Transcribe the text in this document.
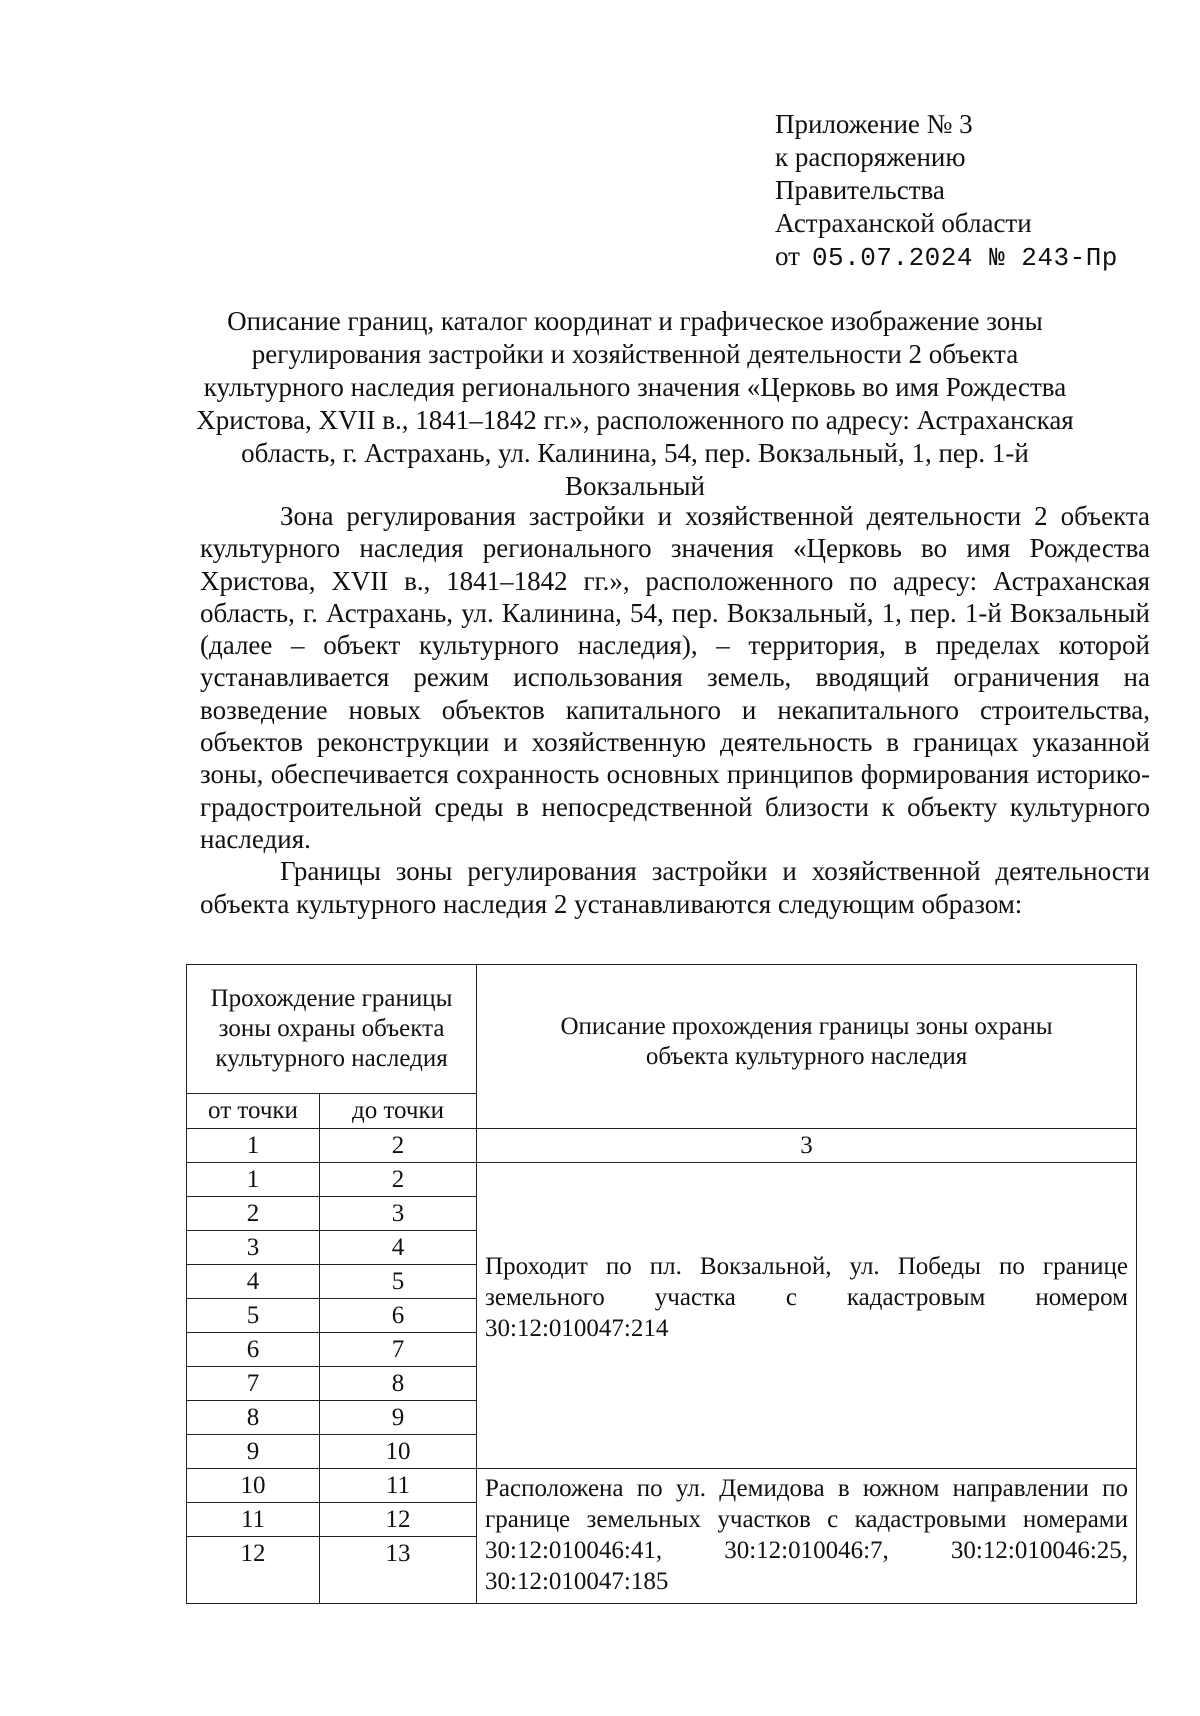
Приложение № 3
к распоряжению
Правительства
Астраханской области
от 05.07.2024 № 243-Пр
Описание границ, каталог координат и графическое изображение зоны регулирования застройки и хозяйственной деятельности 2 объекта культурного наследия регионального значения «Церковь во имя Рождества Христова, XVII в., 1841–1842 гг.», расположенного по адресу: Астраханская область, г. Астрахань, ул. Калинина, 54, пер. Вокзальный, 1, пер. 1-й Вокзальный

Зона регулирования застройки и хозяйственной деятельности 2 объекта культурного наследия регионального значения «Церковь во имя Рождества Христова, XVII в., 1841–1842 гг.», расположенного по адресу: Астраханская область, г. Астрахань, ул. Калинина, 54, пер. Вокзальный, 1, пер. 1-й Вокзальный (далее – объект культурного наследия), – территория, в пределах которой устанавливается режим использования земель, вводящий ограничения на возведение новых объектов капитального и некапитального строительства, объектов реконструкции и хозяйственную деятельность в границах указанной зоны, обеспечивается сохранность основных принципов формирования историко-градостроительной среды в непосредственной близости к объекту культурного наследия.

Границы зоны регулирования застройки и хозяйственной деятельности объекта культурного наследия 2 устанавливаются следующим образом:

Прохождение границы зоны охраны объекта культурного наследия		Описание прохождения границы зоны охраны объекта культурного наследия
от точки	до точки	
1	2	3
1	2	Проходит по пл. Вокзальной, ул. Победы по границе земельного участка с кадастровым номером 30:12:010047:214
2	3	
3	4	
4	5	
5	6	
6	7	
7	8	
8	9	
9	10	
10	11	Расположена по ул. Демидова в южном направлении по границе земельных участков с кадастровыми номерами 30:12:010046:41, 30:12:010046:7, 30:12:010046:25, 30:12:010047:185
11	12	
12	13	
